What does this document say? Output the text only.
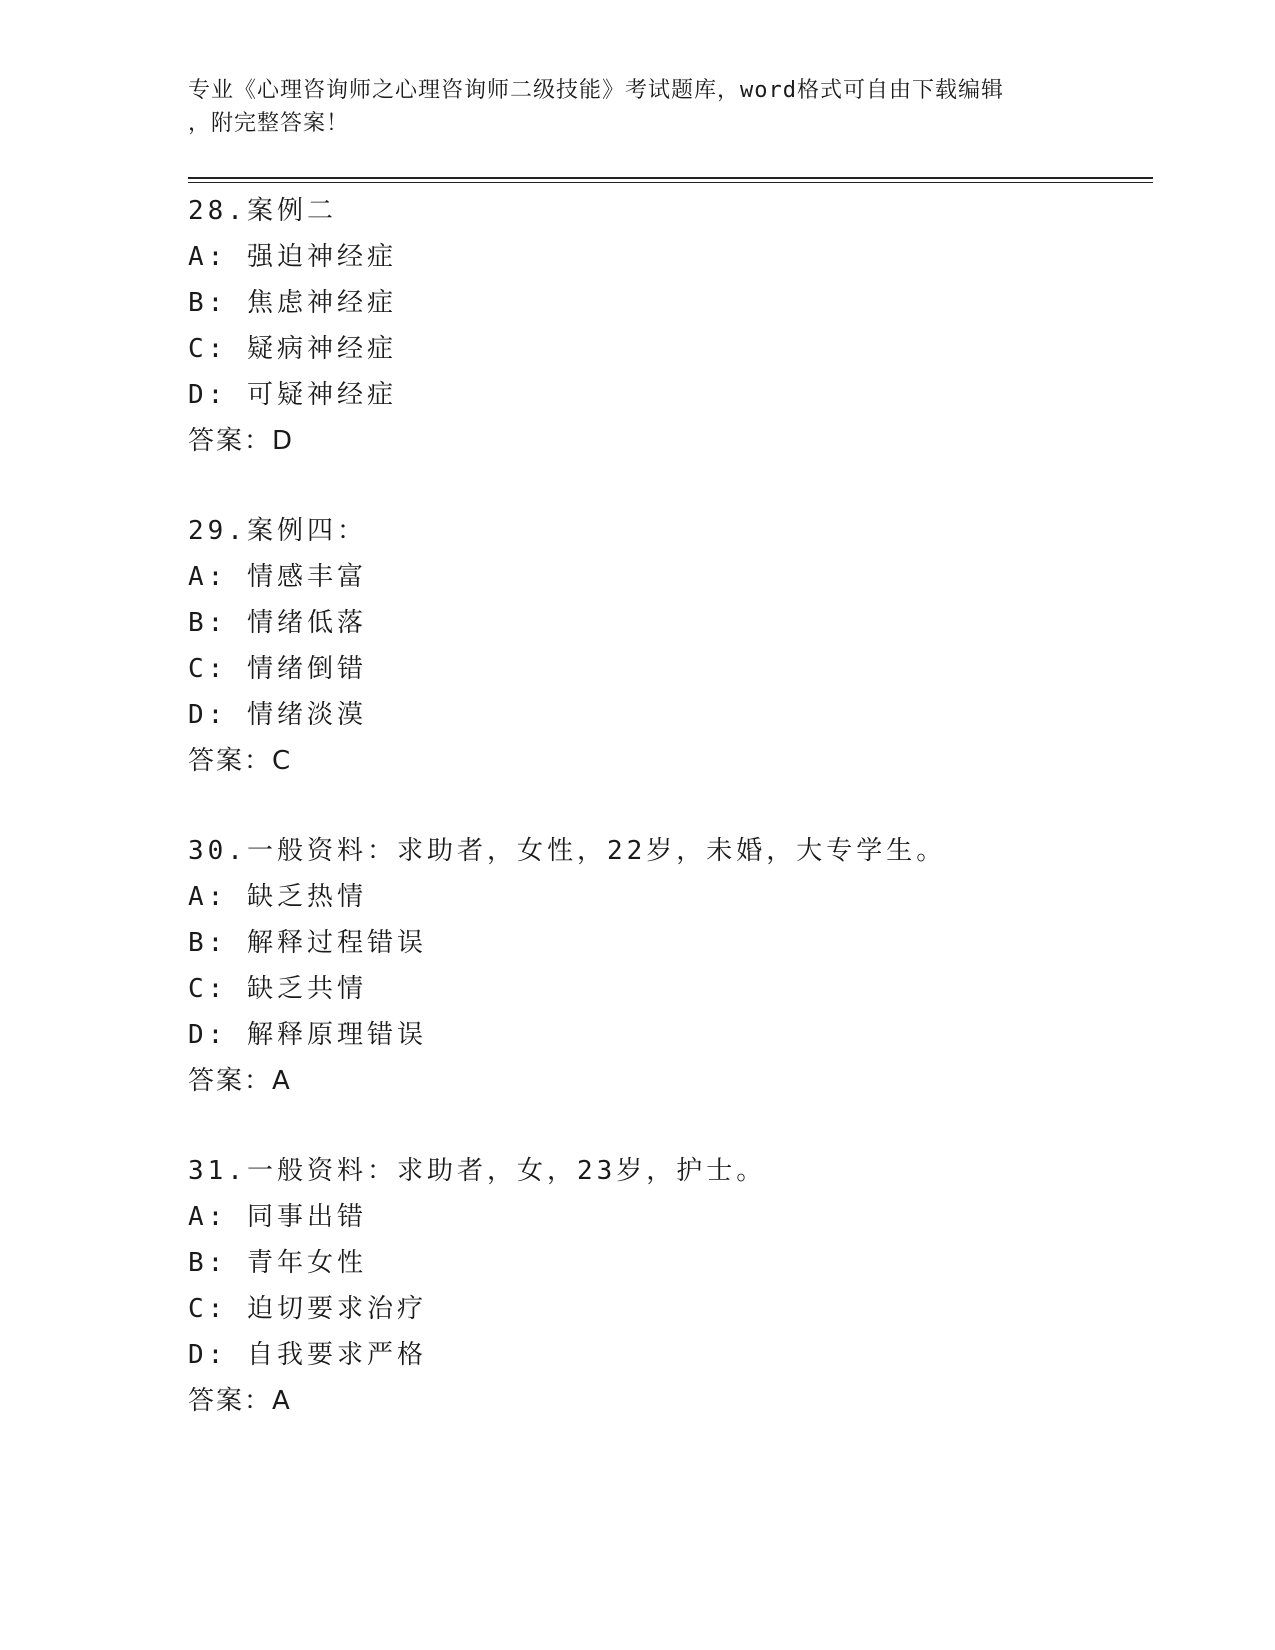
专业《心理咨询师之心理咨询师二级技能》考试题库，word格式可自由下载编辑
，附完整答案！
28.案例二
A: 强迫神经症
B: 焦虑神经症
C: 疑病神经症
D: 可疑神经症
答案：D
29.案例四：
A: 情感丰富
B: 情绪低落
C: 情绪倒错
D: 情绪淡漠
答案：C
30.一般资料：求助者，女性，22岁，未婚，大专学生。
A: 缺乏热情
B: 解释过程错误
C: 缺乏共情
D: 解释原理错误
答案：A
31.一般资料：求助者，女，23岁，护士。
A: 同事出错
B: 青年女性
C: 迫切要求治疗
D: 自我要求严格
答案：A
